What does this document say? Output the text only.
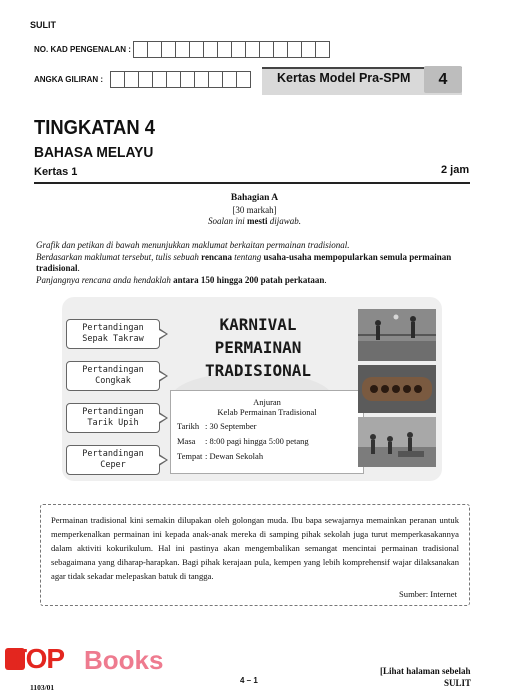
SULIT
NO. KAD PENGENALAN :
ANGKA GILIRAN :	Kertas Model Pra-SPM	4
TINGKATAN 4
BAHASA MELAYU
Kertas 1	2 jam
Bahagian A
[30 markah]
Soalan ini mesti dijawab.
Grafik dan petikan di bawah menunjukkan maklumat berkaitan permainan tradisional.
Berdasarkan maklumat tersebut, tulis sebuah rencana tentang usaha-usaha mempopularkan semula permainan
tradisional.
Panjangnya rencana anda hendaklah antara 150 hingga 200 patah perkataan.
Pertandingan Sepak Takraw
Pertandingan Congkak
Pertandingan Tarik Upih
Pertandingan Ceper
KARNIVAL
PERMAINAN
TRADISIONAL
Anjuran
Kelab Permainan Tradisional
Tarikh : 30 September
Masa : 8:00 pagi hingga 5:00 petang
Tempat : Dewan Sekolah
Permainan tradisional kini semakin dilupakan oleh golongan muda. Ibu bapa sewajarnya memainkan peranan untuk memperkenalkan permainan ini kepada anak-anak mereka di samping pihak sekolah juga turut memperkasakannya dalam aktiviti kokurikulum. Hal ini pastinya akan mengembalikan semangat mencintai permainan tradisional sebagaimana yang diharap-harapkan. Bagi pihak kerajaan pula, kempen yang lebih komprehensif wajar dilaksanakan agar tidak sekadar melepaskan batuk di tangga.
Sumber: Internet
TOP Books
1103/01
4 – 1
[Lihat halaman sebelah
SULIT
